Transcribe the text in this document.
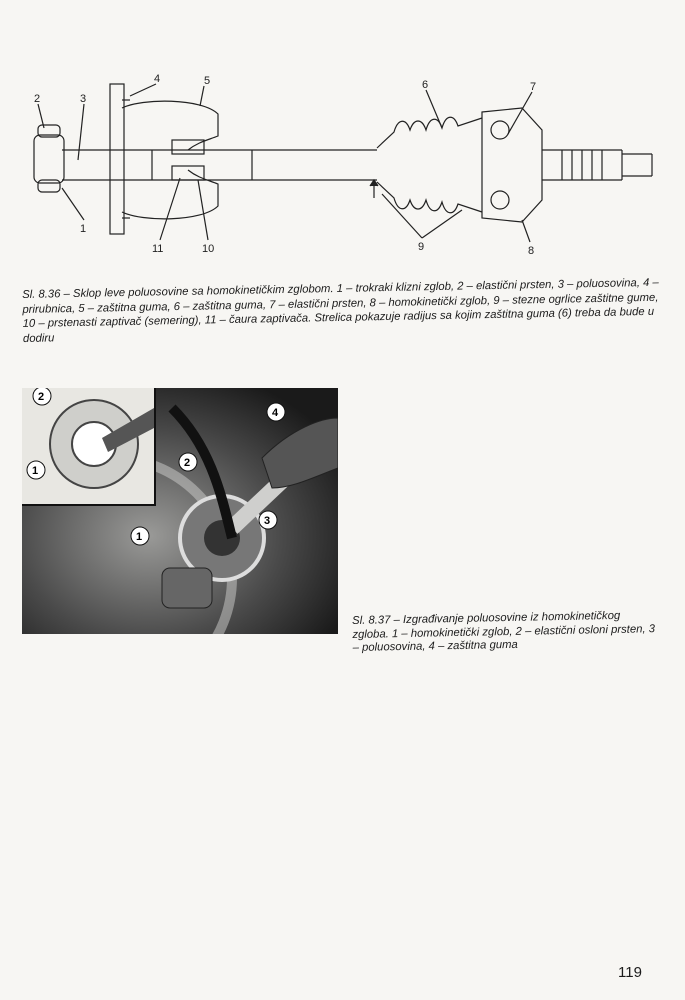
2	3
4	5	6	7
1
11	10	9	8

Sl. 8.36 – Sklop leve poluosovine sa homokinetičkim zglobom. 1 – trokraki klizni zglob, 2 – elastični prsten, 3 – poluosovina, 4 – prirubnica, 5 – zaštitna guma, 6 – zaštitna guma, 7 – elastični prsten, 8 – homokinetički zglob, 9 – stezne ogrlice zaštitne gume, 10 – prstenasti zaptivač (semering), 11 – čaura zaptivača. Strelica pokazuje radijus sa kojim zaštitna guma (6) treba da bude u dodiru

2
1
2
1
4
3

Sl. 8.37 – Izgrađivanje poluosovine iz homokinetičkog zgloba. 1 – homokinetički zglob, 2 – elastični osloni prsten, 3 – poluosovina, 4 – zaštitna guma

119
